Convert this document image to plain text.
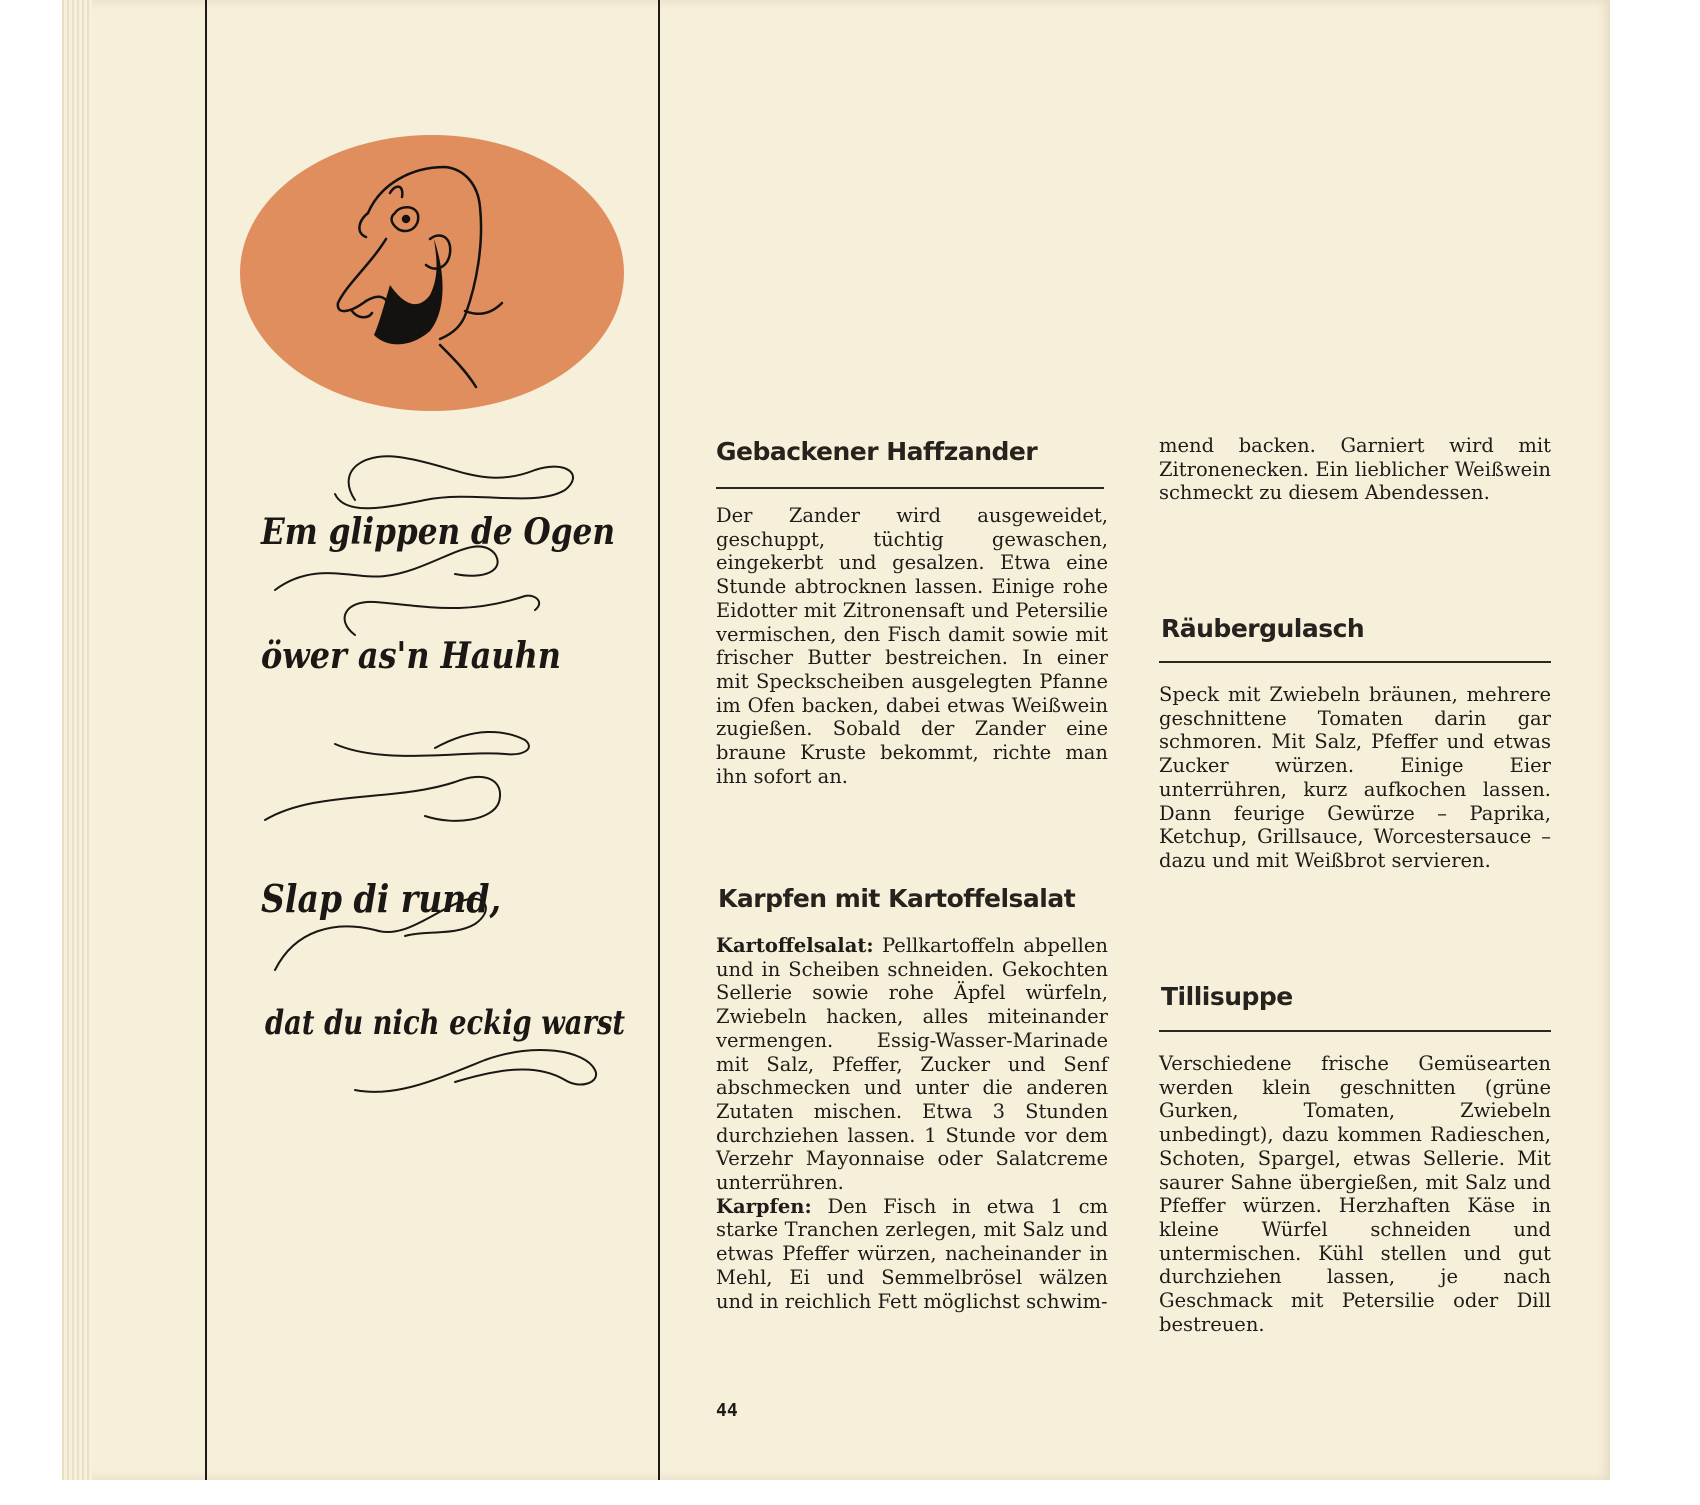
Em glippen de Ogen
öwer as'n Hauhn
Slap di rund,
dat du nich eckig warst
Gebackener Haffzander

Der Zander wird ausgeweidet, geschuppt, tüchtig gewaschen, eingekerbt und gesalzen. Etwa eine Stunde abtrocknen lassen. Einige rohe Eidotter mit Zitronensaft und Petersilie vermischen, den Fisch damit sowie mit frischer Butter bestreichen. In einer mit Speckscheiben ausgelegten Pfanne im Ofen backen, dabei etwas Weißwein zugießen. Sobald der Zander eine braune Kruste bekommt, richte man ihn sofort an.

Karpfen mit Kartoffelsalat

Kartoffelsalat: Pellkartoffeln abpellen und in Scheiben schneiden. Gekochten Sellerie sowie rohe Äpfel würfeln, Zwiebeln hacken, alles miteinander vermengen. Essig-Wasser-Marinade mit Salz, Pfeffer, Zucker und Senf abschmecken und unter die anderen Zutaten mischen. Etwa 3 Stunden durchziehen lassen. 1 Stunde vor dem Verzehr Mayonnaise oder Salatcreme unterrühren.

Karpfen: Den Fisch in etwa 1 cm starke Tranchen zerlegen, mit Salz und etwas Pfeffer würzen, nacheinander in Mehl, Ei und Semmelbrösel wälzen und in reichlich Fett möglichst schwim-

mend backen. Garniert wird mit Zitronenecken. Ein lieblicher Weißwein schmeckt zu diesem Abendessen.

Räubergulasch

Speck mit Zwiebeln bräunen, mehrere geschnittene Tomaten darin gar schmoren. Mit Salz, Pfeffer und etwas Zucker würzen. Einige Eier unterrühren, kurz aufkochen lassen. Dann feurige Gewürze – Paprika, Ketchup, Grillsauce, Worcestersauce – dazu und mit Weißbrot servieren.

Tillisuppe

Verschiedene frische Gemüsearten werden klein geschnitten (grüne Gurken, Tomaten, Zwiebeln unbedingt), dazu kommen Radieschen, Schoten, Spargel, etwas Sellerie. Mit saurer Sahne übergießen, mit Salz und Pfeffer würzen. Herzhaften Käse in kleine Würfel schneiden und untermischen. Kühl stellen und gut durchziehen lassen, je nach Geschmack mit Petersilie oder Dill bestreuen.

44
